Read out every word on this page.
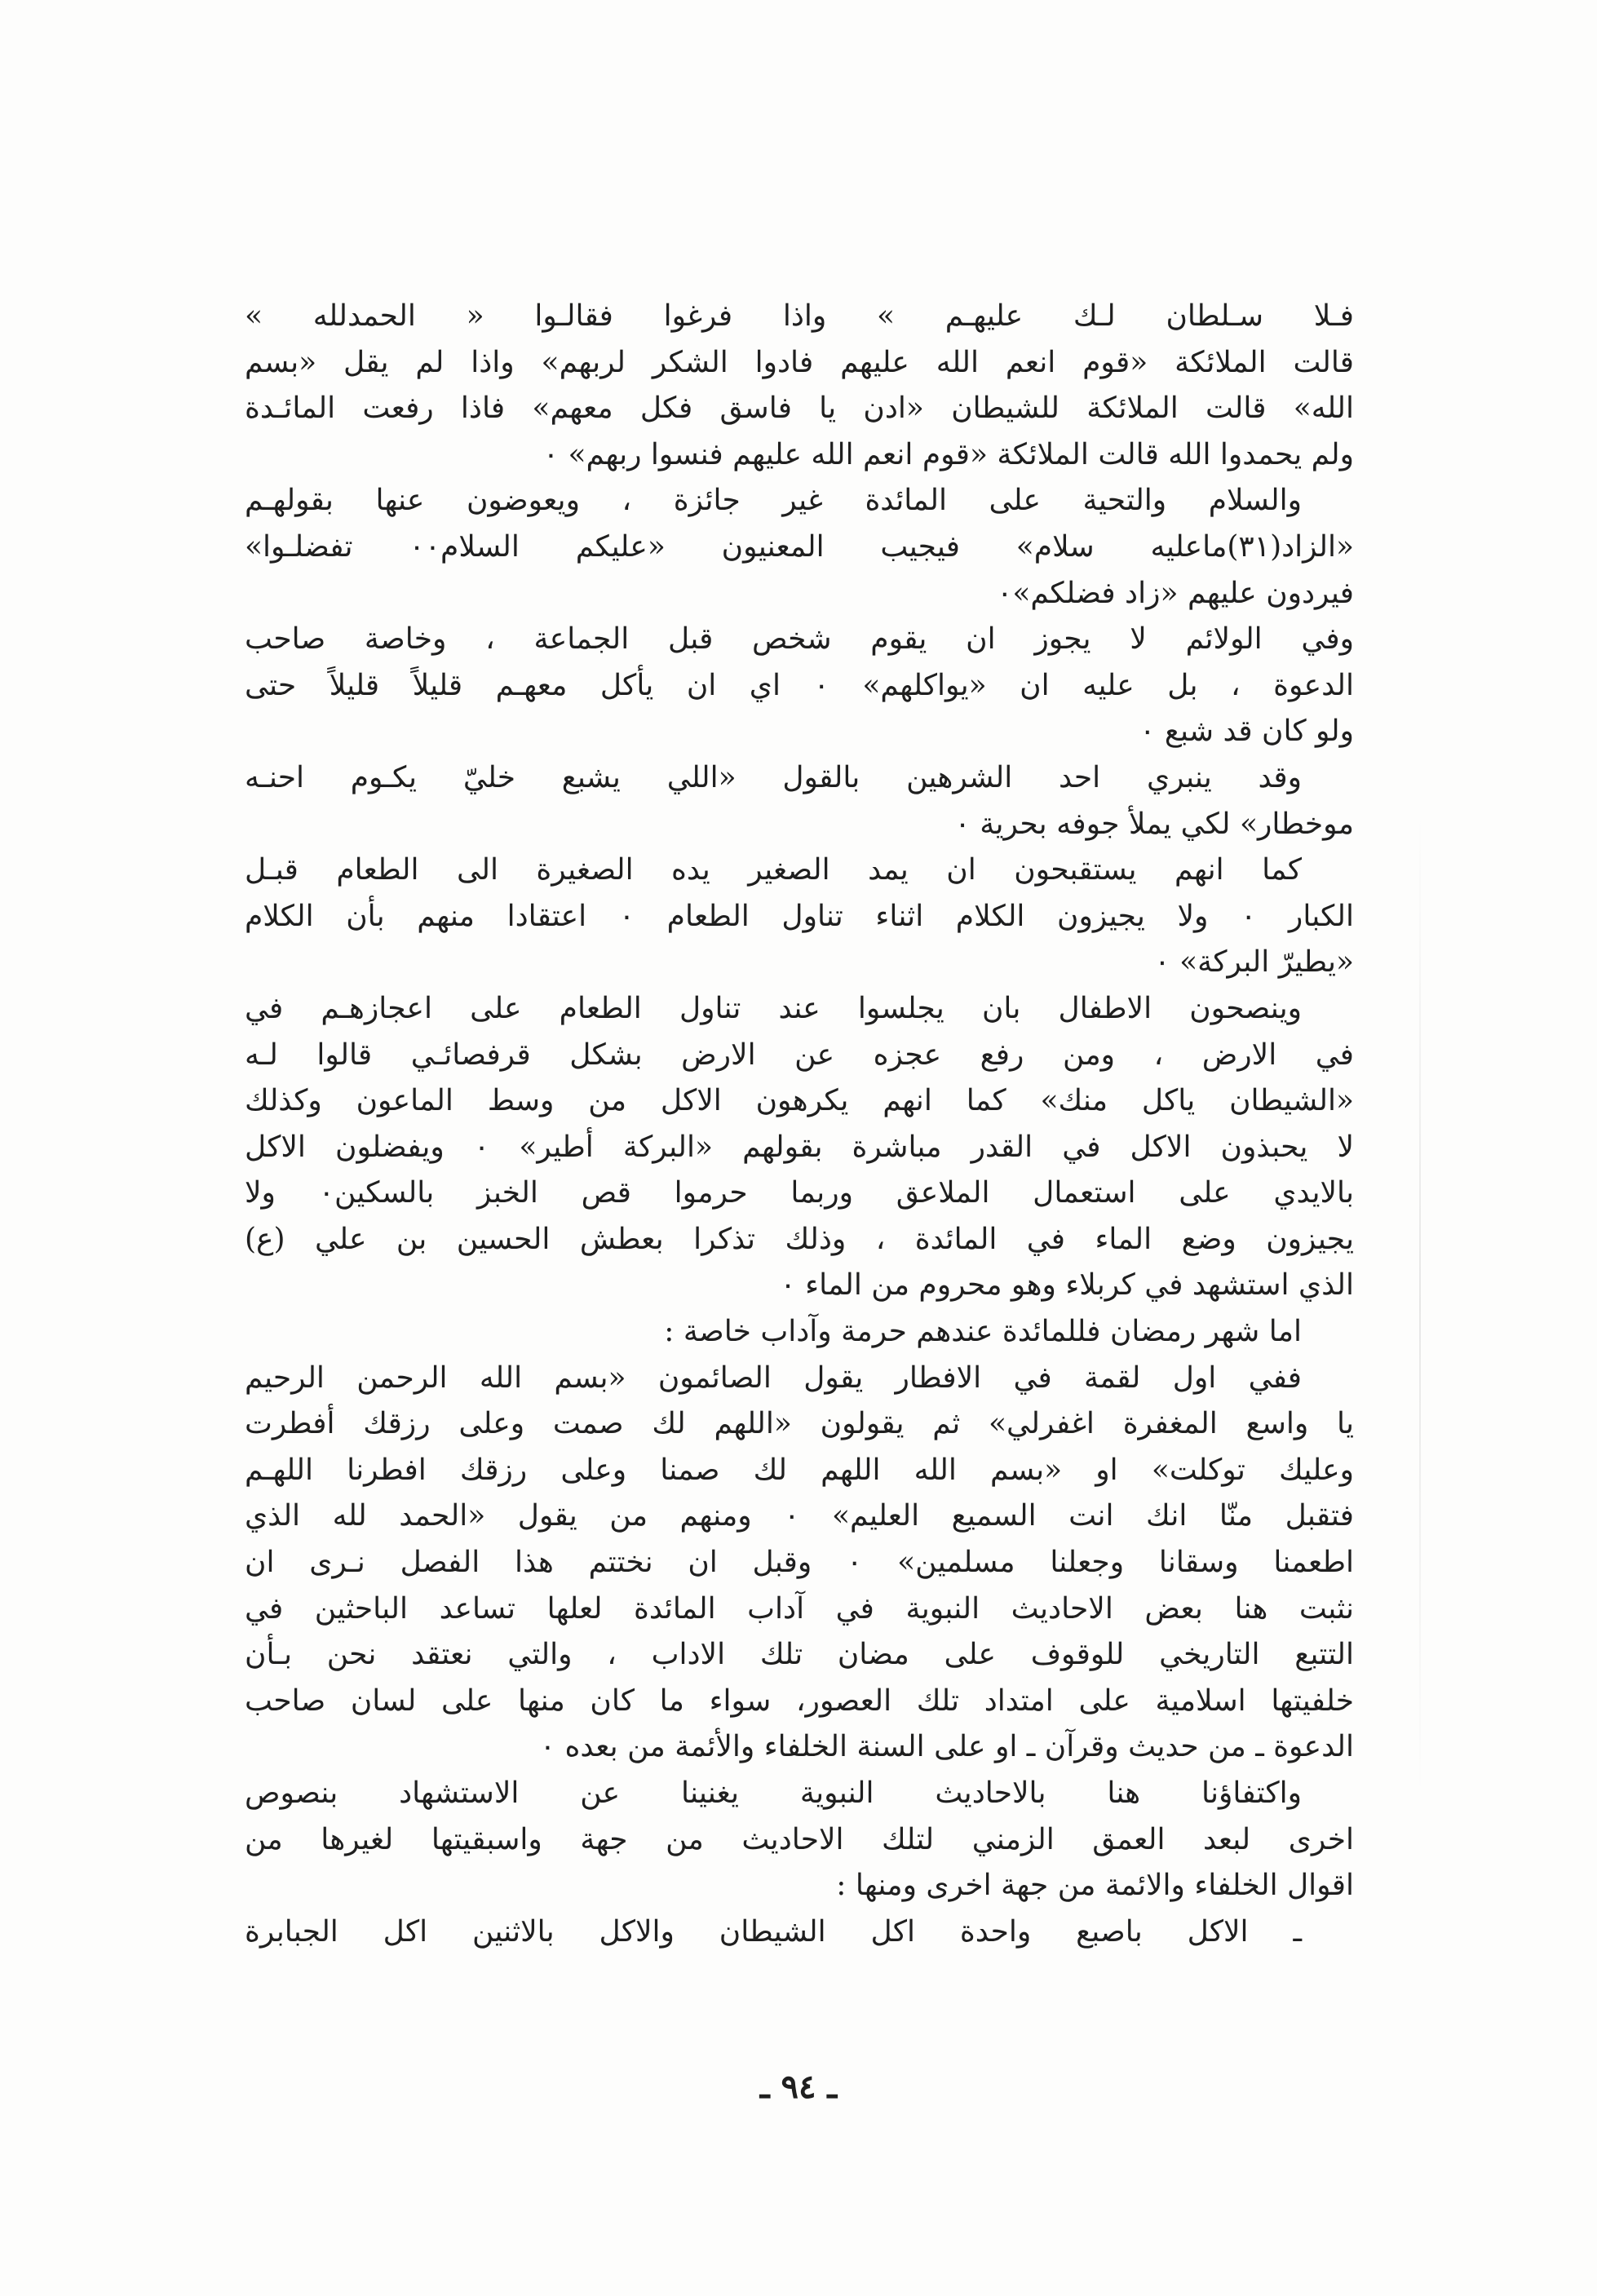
فـلا سـلطان لـك عليهـم » واذا فرغوا فقالـوا « الحمدلله »
قالت الملائكة «قوم انعم الله عليهم فادوا الشكر لربهم» واذا لم يقل «بسم
الله» قالت الملائكة للشيطان «ادن يا فاسق فكل معهم» فاذا رفعت المائـدة
ولم يحمدوا الله قالت الملائكة «قوم انعم الله عليهم فنسوا ربهم» ٠
والسلام والتحية على المائدة غير جائزة ، ويعوضون عنها بقولهـم
«الزاد(٣١)ماعليه سلام» فيجيب المعنيون «عليكم السلام٠٠ تفضلـوا»
فيردون عليهم «زاد فضلكم»٠
وفي الولائم لا يجوز ان يقوم شخص قبل الجماعة ، وخاصة صاحب
الدعوة ، بل عليه ان «يواكلهم» ٠ اي ان يأكل معهـم قليلاً قليلاً حتى
ولو كان قد شبع ٠
وقد ينبري احد الشرهين بالقول «اللي يشبع خليّ يكـوم احنـه
موخطار» لكي يملأ جوفه بحرية ٠
كما انهم يستقبحون ان يمد الصغير يده الصغيرة الى الطعام قبـل
الكبار ٠ ولا يجيزون الكلام اثناء تناول الطعام ٠ اعتقادا منهم بأن الكلام
«يطيرّ البركة» ٠
وينصحون الاطفال بان يجلسوا عند تناول الطعام على اعجازهـم في
في الارض ، ومن رفع عجزه عن الارض بشكل قرفصائـي قالوا لـه
«الشيطان ياكل منك» كما انهم يكرهون الاكل من وسط الماعون وكذلك
لا يحبذون الاكل في القدر مباشرة بقولهم «البركة أطير» ٠ ويفضلون الاكل
بالايدي على استعمال الملاعق وربما حرموا قص الخبز بالسكين٠ ولا
يجيزون وضع الماء في المائدة ، وذلك تذكرا بعطش الحسين بن علي (ع)
الذي استشهد في كربلاء وهو محروم من الماء ٠
اما شهر رمضان فللمائدة عندهم حرمة وآداب خاصة :
ففي اول لقمة في الافطار يقول الصائمون «بسم الله الرحمن الرحيم
يا واسع المغفرة اغفرلي» ثم يقولون «اللهم لك صمت وعلى رزقك أفطرت
وعليك توكلت» او «بسم الله اللهم لك صمنا وعلى رزقك افطرنا اللهـم
فتقبل منّا انك انت السميع العليم» ٠ ومنهم من يقول «الحمد لله الذي
اطعمنا وسقانا وجعلنا مسلمين» ٠ وقبل ان نختتم هذا الفصل نـرى ان
نثبت هنا بعض الاحاديث النبوية في آداب المائدة لعلها تساعد الباحثين في
التتبع التاريخي للوقوف على مضان تلك الاداب ، والتي نعتقد نحن بـأن
خلفيتها اسلامية على امتداد تلك العصور، سواء ما كان منها على لسان صاحب
الدعوة ـ من حديث وقرآن ـ او على السنة الخلفاء والأئمة من بعده ٠
واكتفاؤنا هنا بالاحاديث النبوية يغنينا عن الاستشهاد بنصوص
اخرى لبعد العمق الزمني لتلك الاحاديث من جهة واسبقيتها لغيرها من
اقوال الخلفاء والائمة من جهة اخرى ومنها :
ـ الاكل باصبع واحدة اكل الشيطان والاكل بالاثنين اكل الجبابرة
ـ ٩٤ ـ
